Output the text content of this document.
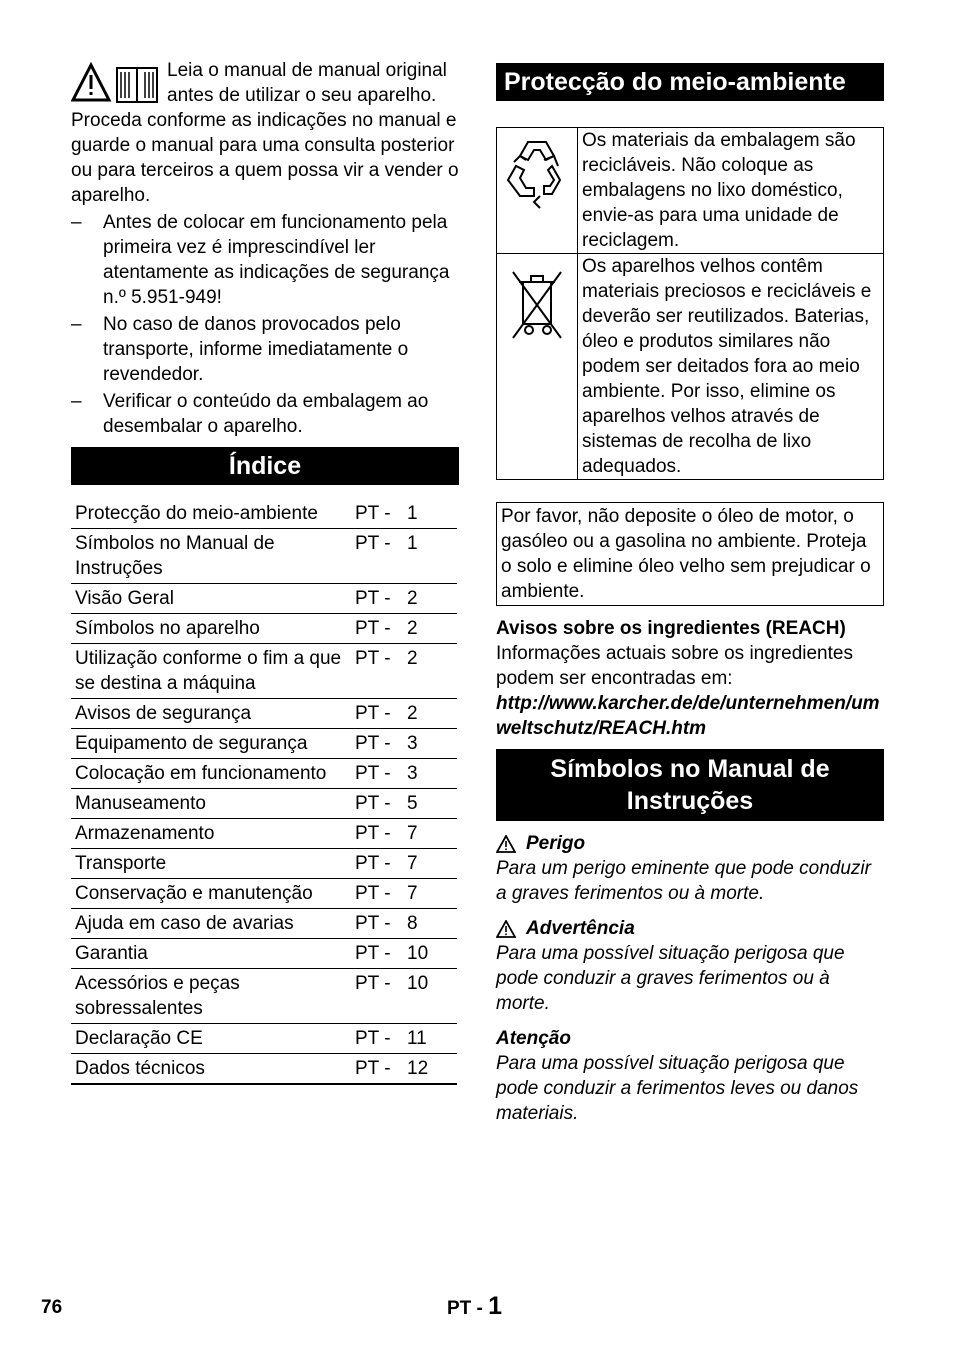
Leia o manual de manual original antes de utilizar o seu aparelho. Proceda conforme as indicações no manual e guarde o manual para uma consulta posterior ou para terceiros a quem possa vir a vender o aparelho.

– Antes de colocar em funcionamento pela primeira vez é imprescindível ler atentamente as indicações de segurança n.º 5.951-949!
– No caso de danos provocados pelo transporte, informe imediatamente o revendedor.
– Verificar o conteúdo da embalagem ao desembalar o aparelho.
Índice
Protecção do meio-ambiente	PT -	1
Símbolos no Manual de Instruções	PT -	1
Visão Geral	PT -	2
Símbolos no aparelho	PT -	2
Utilização conforme o fim a que se destina a máquina	PT -	2
Avisos de segurança	PT -	2
Equipamento de segurança	PT -	3
Colocação em funcionamento	PT -	3
Manuseamento	PT -	5
Armazenamento	PT -	7
Transporte	PT -	7
Conservação e manutenção	PT -	7
Ajuda em caso de avarias	PT -	8
Garantia	PT -	10
Acessórios e peças sobressalentes	PT -	10
Declaração CE	PT -	11
Dados técnicos	PT -	12
Protecção do meio-ambiente
	Os materiais da embalagem são recicláveis. Não coloque as embalagens no lixo doméstico, envie-as para uma unidade de reciclagem.
	Os aparelhos velhos contêm materiais preciosos e recicláveis e deverão ser reutilizados. Baterias, óleo e produtos similares não podem ser deitados fora ao meio ambiente. Por isso, elimine os aparelhos velhos através de sistemas de recolha de lixo adequados.
Por favor, não deposite o óleo de motor, o gasóleo ou a gasolina no ambiente. Proteja o solo e elimine óleo velho sem prejudicar o ambiente.

Avisos sobre os ingredientes (REACH)

Informações actuais sobre os ingredientes podem ser encontradas em:

http://www.karcher.de/de/unternehmen/umweltschutz/REACH.htm

Símbolos no Manual de Instruções
Perigo

Para um perigo eminente que pode conduzir a graves ferimentos ou à morte.

Advertência

Para uma possível situação perigosa que pode conduzir a graves ferimentos ou à morte.

Atenção

Para uma possível situação perigosa que pode conduzir a ferimentos leves ou danos materiais.

76	PT - 1
